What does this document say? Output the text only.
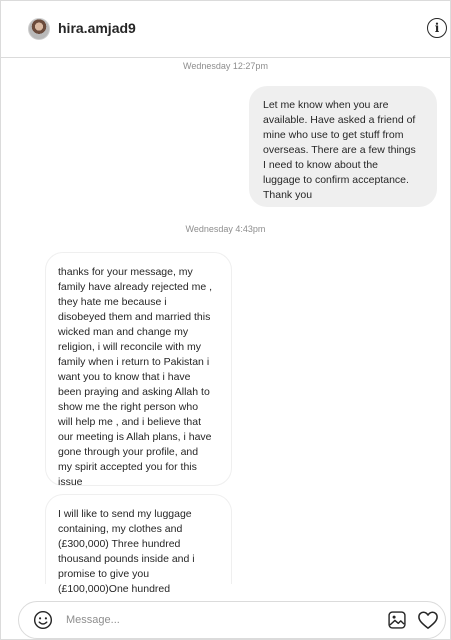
hira.amjad9	i
Wednesday 12:27pm
Let me know when you are
available. Have asked a friend of
mine who use to get stuff from
overseas. There are a few things
I need to know about the
luggage to confirm acceptance.
Thank you
Wednesday 4:43pm
thanks for your message, my
family have already rejected me ,
they hate me because i
disobeyed them and married this
wicked man and change my
religion, i will reconcile with my
family when i return to Pakistan i
want you to know that i have
been praying and asking Allah to
show me the right person who
will help me , and i believe that
our meeting is Allah plans, i have
gone through your profile, and
my spirit accepted you for this
issue
I will like to send my luggage
containing, my clothes and
(£300,000) Three hundred
thousand pounds inside and i
promise to give you
(£100,000)One hundred
Message...
